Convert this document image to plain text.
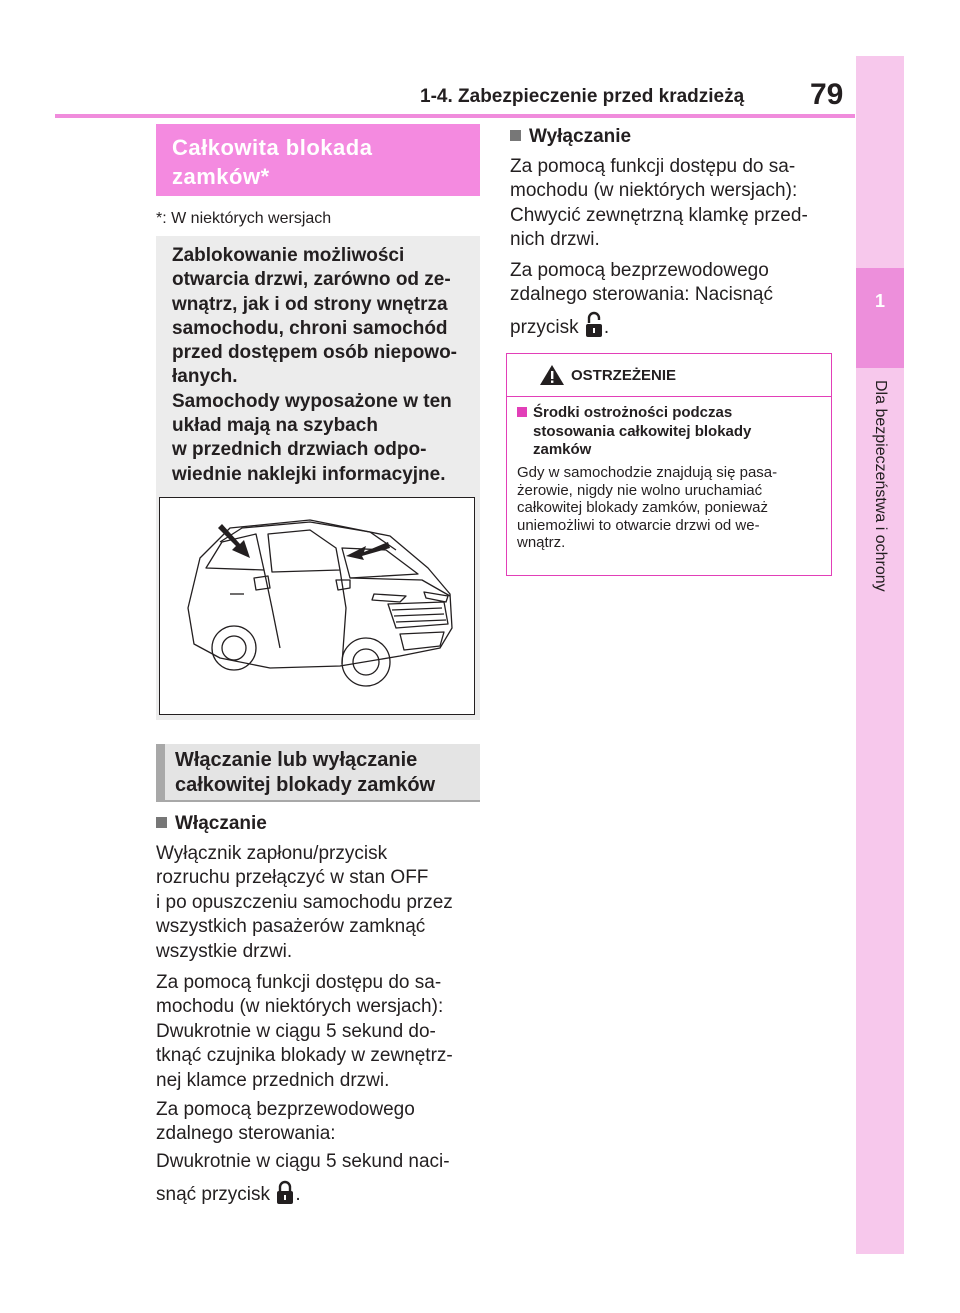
1-4. Zabezpieczenie przed kradzieżą 79
1
Dla bezpieczeństwa i ochrony
Całkowita blokada
zamków*
*: W niektórych wersjach
Zablokowanie możliwości
otwarcia drzwi, zarówno od ze-
wnątrz, jak i od strony wnętrza
samochodu, chroni samochód
przed dostępem osób niepowo-
łanych.
Samochody wyposażone w ten
układ mają na szybach
w przednich drzwiach odpo-
wiednie naklejki informacyjne.
Włączanie lub wyłączanie
całkowitej blokady zamków
Włączanie
Wyłącznik zapłonu/przycisk
rozruchu przełączyć w stan OFF
i po opuszczeniu samochodu przez
wszystkich pasażerów zamknąć
wszystkie drzwi.
Za pomocą funkcji dostępu do sa-
mochodu (w niektórych wersjach):
Dwukrotnie w ciągu 5 sekund do-
tknąć czujnika blokady w zewnętrz-
nej klamce przednich drzwi.
Za pomocą bezprzewodowego
zdalnego sterowania:
Dwukrotnie w ciągu 5 sekund naci-
snąć przycisk .
Wyłączanie
Za pomocą funkcji dostępu do sa-
mochodu (w niektórych wersjach):
Chwycić zewnętrzną klamkę przed-
nich drzwi.
Za pomocą bezprzewodowego
zdalnego sterowania: Nacisnąć
przycisk .
OSTRZEŻENIE
Środki ostrożności podczas
stosowania całkowitej blokady
zamków
Gdy w samochodzie znajdują się pasa-
żerowie, nigdy nie wolno uruchamiać
całkowitej blokady zamków, ponieważ
uniemożliwi to otwarcie drzwi od we-
wnątrz.
